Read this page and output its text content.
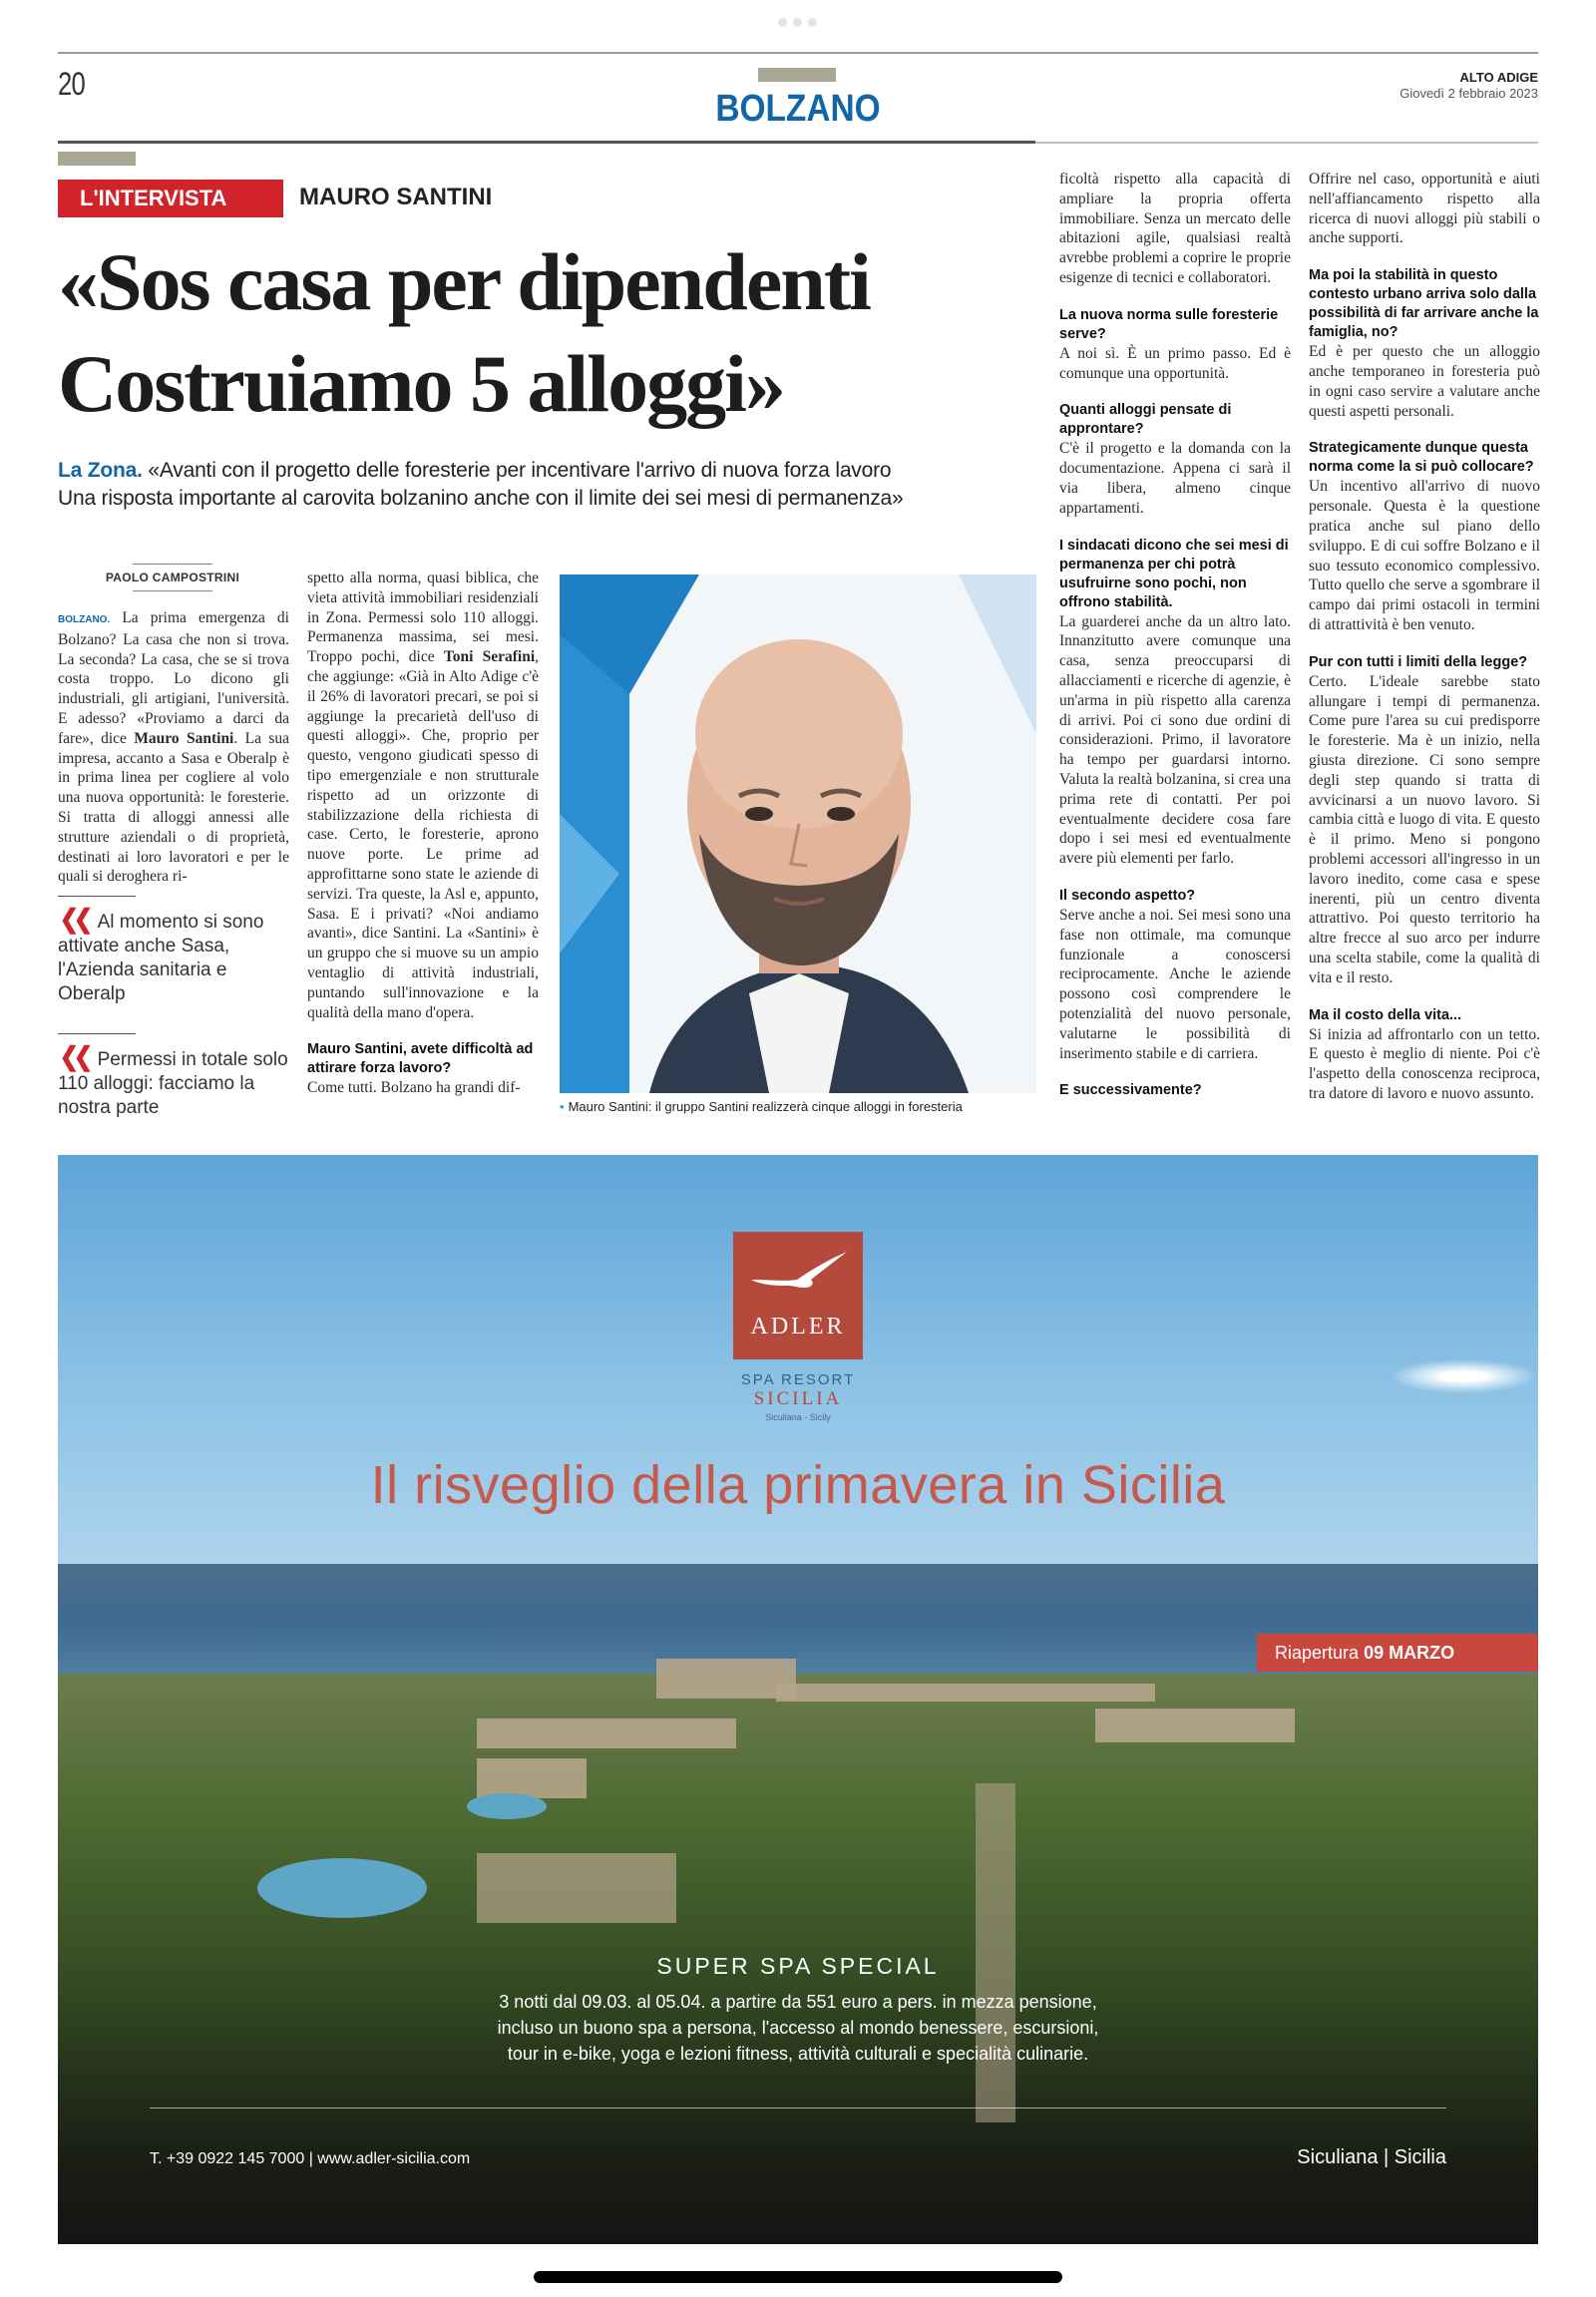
20
BOLZANO
ALTO ADIGE
Giovedì 2 febbraio 2023
L'INTERVISTA	MAURO SANTINI
«Sos casa per dipendenti
Costruiamo 5 alloggi»
La Zona. «Avanti con il progetto delle foresterie per incentivare l'arrivo di nuova forza lavoro
Una risposta importante al carovita bolzanino anche con il limite dei sei mesi di permanenza»
PAOLO CAMPOSTRINI

BOLZANO. La prima emergenza di Bolzano? La casa che non si trova. La seconda? La casa, che se si trova costa troppo. Lo dicono gli industriali, gli artigiani, l'università. E adesso? «Proviamo a darci da fare», dice Mauro Santini. La sua impresa, accanto a Sasa e Oberalp è in prima linea per cogliere al volo una nuova opportunità: le foresterie. Si tratta di alloggi annessi alle strutture aziendali o di proprietà, destinati ai loro lavoratori e per le quali si deroghera ri-

❮❮ Al momento si sono attivate anche Sasa, l'Azienda sanitaria e Oberalp
❮❮ Permessi in totale solo 110 alloggi: facciamo la nostra parte

spetto alla norma, quasi biblica, che vieta attività immobiliari residenziali in Zona. Permessi solo 110 alloggi. Permanenza massima, sei mesi. Troppo pochi, dice Toni Serafini, che aggiunge: «Già in Alto Adige c'è il 26% di lavoratori precari, se poi si aggiunge la precarietà dell'uso di questi alloggi». Che, proprio per questo, vengono giudicati spesso di tipo emergenziale e non strutturale rispetto ad un orizzonte di stabilizzazione della richiesta di case. Certo, le foresterie, aprono nuove porte. Le prime ad approfittarne sono state le aziende di servizi. Tra queste, la Asl e, appunto, Sasa. E i privati? «Noi andiamo avanti», dice Santini. La «Santini» è un gruppo che si muove su un ampio ventaglio di attività industriali, puntando sull'innovazione e la qualità della mano d'opera.

Mauro Santini, avete difficoltà ad attirare forza lavoro?

Come tutti. Bolzano ha grandi dif-

• Mauro Santini: il gruppo Santini realizzerà cinque alloggi in foresteria

ficoltà rispetto alla capacità di ampliare la propria offerta immobiliare. Senza un mercato delle abitazioni agile, qualsiasi realtà avrebbe problemi a coprire le proprie esigenze di tecnici e collaboratori.

La nuova norma sulle foresterie serve?

A noi sì. È un primo passo. Ed è comunque una opportunità.

Quanti alloggi pensate di approntare?

C'è il progetto e la domanda con la documentazione. Appena ci sarà il via libera, almeno cinque appartamenti.

I sindacati dicono che sei mesi di permanenza per chi potrà usufruirne sono pochi, non offrono stabilità.

La guarderei anche da un altro lato. Innanzitutto avere comunque una casa, senza preoccuparsi di allacciamenti e ricerche di agenzie, è un'arma in più rispetto alla carenza di arrivi. Poi ci sono due ordini di considerazioni. Primo, il lavoratore ha tempo per guardarsi intorno. Valuta la realtà bolzanina, si crea una prima rete di contatti. Per poi eventualmente decidere cosa fare dopo i sei mesi ed eventualmente avere più elementi per farlo.

Il secondo aspetto?

Serve anche a noi. Sei mesi sono una fase non ottimale, ma comunque funzionale a conoscersi reciprocamente. Anche le aziende possono così comprendere le potenzialità del nuovo personale, valutarne le possibilità di inserimento stabile e di carriera.

E successivamente?

Offrire nel caso, opportunità e aiuti nell'affiancamento rispetto alla ricerca di nuovi alloggi più stabili o anche supporti.

Ma poi la stabilità in questo contesto urbano arriva solo dalla possibilità di far arrivare anche la famiglia, no?

Ed è per questo che un alloggio anche temporaneo in foresteria può in ogni caso servire a valutare anche questi aspetti personali.

Strategicamente dunque questa norma come la si può collocare?

Un incentivo all'arrivo di nuovo personale. Questa è la questione pratica anche sul piano dello sviluppo. E di cui soffre Bolzano e il suo tessuto economico complessivo. Tutto quello che serve a sgombrare il campo dai primi ostacoli in termini di attrattività è ben venuto.

Pur con tutti i limiti della legge?

Certo. L'ideale sarebbe stato allungare i tempi di permanenza. Come pure l'area su cui predisporre le foresterie. Ma è un inizio, nella giusta direzione. Ci sono sempre degli step quando si tratta di avvicinarsi a un nuovo lavoro. Si cambia città e luogo di vita. E questo è il primo. Meno si pongono problemi accessori all'ingresso in un lavoro inedito, come casa e spese inerenti, più un centro diventa attrattivo. Poi questo territorio ha altre frecce al suo arco per indurre una scelta stabile, come la qualità di vita e il resto.

Ma il costo della vita...

Si inizia ad affrontarlo con un tetto. E questo è meglio di niente. Poi c'è l'aspetto della conoscenza reciproca, tra datore di lavoro e nuovo assunto.

ADLER
SPA RESORT
SICILIA
Siculiana - Sicily
Il risveglio della primavera in Sicilia
Riapertura 09 MARZO
SUPER SPA SPECIAL
3 notti dal 09.03. al 05.04. a partire da 551 euro a pers. in mezza pensione,
incluso un buono spa a persona, l'accesso al mondo benessere, escursioni,
tour in e-bike, yoga e lezioni fitness, attività culturali e specialità culinarie.
T. +39 0922 145 7000 | www.adler-sicilia.com	Siculiana | Sicilia
